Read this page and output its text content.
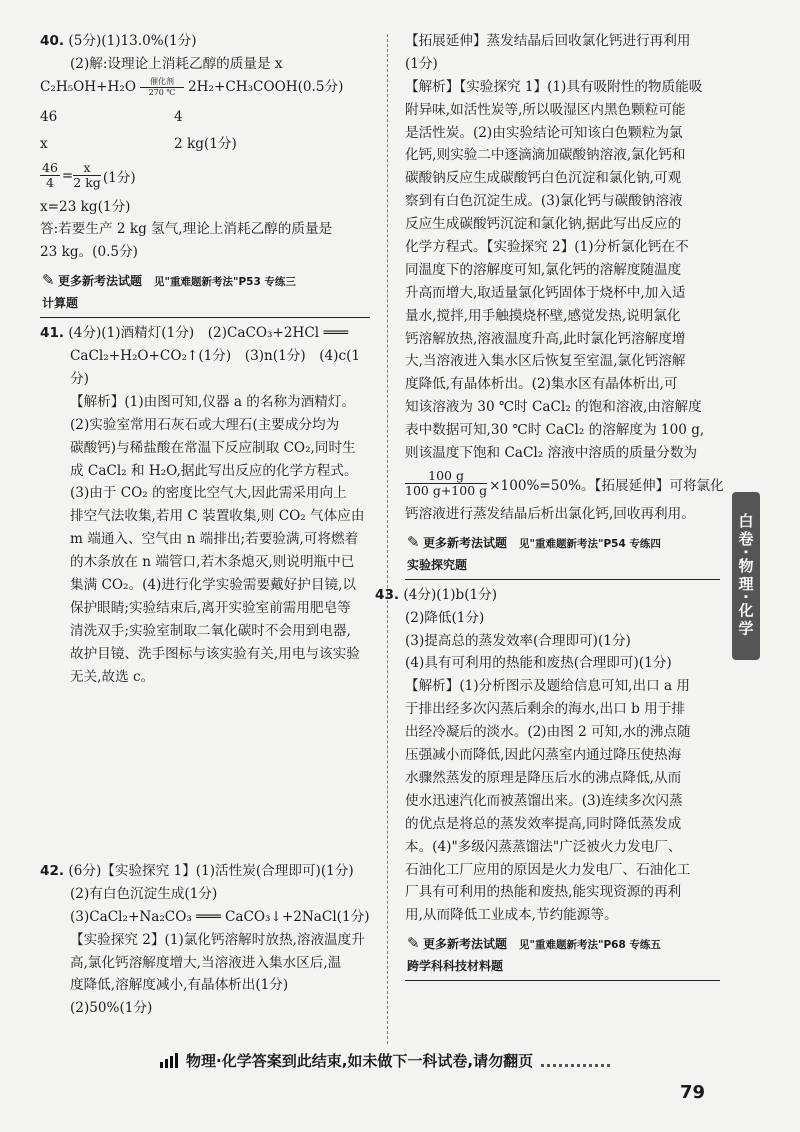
40. (5分)(1)13.0%(1分)
(2)解:设理论上消耗乙醇的质量是 x
C₂H₅OH+H₂O	催化剂
270 ℃ 2H₂+CH₃COOH(0.5分)
46	4
x	2 kg(1分)
$\frac{46}{4} = \frac{x}{2 kg} (1$分)
x=23 kg(1分)
答:若要生产 2 kg 氢气,理论上消耗乙醇的质量是
23 kg。(0.5分)
✎ 更多新考法试题　 见"重难题新考法"P53 专练三
计算题
41. (4分)(1)酒精灯(1分)　(2)CaCO₃+2HCl ═══
CaCl₂+H₂O+CO₂↑(1分)　(3)n(1分)　(4)c(1
分)
【解析】(1)由图可知,仪器 a 的名称为酒精灯。
(2)实验室常用石灰石或大理石(主要成分均为
碳酸钙)与稀盐酸在常温下反应制取 CO₂,同时生
成 CaCl₂ 和 H₂O,据此写出反应的化学方程式。
(3)由于 CO₂ 的密度比空气大,因此需采用向上
排空气法收集,若用 C 装置收集,则 CO₂ 气体应由
m 端通入、空气由 n 端排出;若要验满,可将燃着
的木条放在 n 端管口,若木条熄灭,则说明瓶中已
集满 CO₂。(4)进行化学实验需要戴好护目镜,以
保护眼睛;实验结束后,离开实验室前需用肥皂等
清洗双手;实验室制取二氧化碳时不会用到电器,
故护目镜、洗手图标与该实验有关,用电与该实验
无关,故选 c。
42. (6分)【实验探究 1】(1)活性炭(合理即可)(1分)
(2)有白色沉淀生成(1分)
(3)CaCl₂+Na₂CO₃ ═══ CaCO₃↓+2NaCl(1分)
【实验探究 2】(1)氯化钙溶解时放热,溶液温度升
高,氯化钙溶解度增大,当溶液进入集水区后,温
度降低,溶解度减小,有晶体析出(1分)
(2)50%(1分)
【拓展延伸】蒸发结晶后回收氯化钙进行再利用
(1分)
【解析】【实验探究 1】(1)具有吸附性的物质能吸
附异味,如活性炭等,所以吸湿区内黑色颗粒可能
是活性炭。(2)由实验结论可知该白色颗粒为氯
化钙,则实验二中逐滴滴加碳酸钠溶液,氯化钙和
碳酸钠反应生成碳酸钙白色沉淀和氯化钠,可观
察到有白色沉淀生成。(3)氯化钙与碳酸钠溶液
反应生成碳酸钙沉淀和氯化钠,据此写出反应的
化学方程式。【实验探究 2】(1)分析氯化钙在不
同温度下的溶解度可知,氯化钙的溶解度随温度
升高而增大,取适量氯化钙固体于烧杯中,加入适
量水,搅拌,用手触摸烧杯壁,感觉发热,说明氯化
钙溶解放热,溶液温度升高,此时氯化钙溶解度增
大,当溶液进入集水区后恢复至室温,氯化钙溶解
度降低,有晶体析出。(2)集水区有晶体析出,可
知该溶液为 30 ℃时 CaCl₂ 的饱和溶液,由溶解度
表中数据可知,30 ℃时 CaCl₂ 的溶解度为 100 g,
则该温度下饱和 CaCl₂ 溶液中溶质的质量分数为
$\frac{100 g}{100 g+100 g} \times 100\%=50\%$。【拓展延伸】可将氯化
钙溶液进行蒸发结晶后析出氯化钙,回收再利用。
✎ 更多新考法试题　 见"重难题新考法"P54 专练四
实验探究题
43. (4分)(1)b(1分)
(2)降低(1分)
(3)提高总的蒸发效率(合理即可)(1分)
(4)具有可利用的热能和废热(合理即可)(1分)
【解析】(1)分析图示及题给信息可知,出口 a 用
于排出经多次闪蒸后剩余的海水,出口 b 用于排
出经冷凝后的淡水。(2)由图 2 可知,水的沸点随
压强减小而降低,因此闪蒸室内通过降压使热海
水骤然蒸发的原理是降压后水的沸点降低,从而
使水迅速汽化而被蒸馏出来。(3)连续多次闪蒸
的优点是将总的蒸发效率提高,同时降低蒸发成
本。(4)"多级闪蒸蒸馏法"广泛被火力发电厂、
石油化工厂应用的原因是火力发电厂、石油化工
厂具有可利用的热能和废热,能实现资源的再利
用,从而降低工业成本,节约能源等。
✎ 更多新考法试题　 见"重难题新考法"P68 专练五
跨学科科技材料题
白卷·物理·化学
物理·化学答案到此结束,如未做下一科试卷,请勿翻页
79
